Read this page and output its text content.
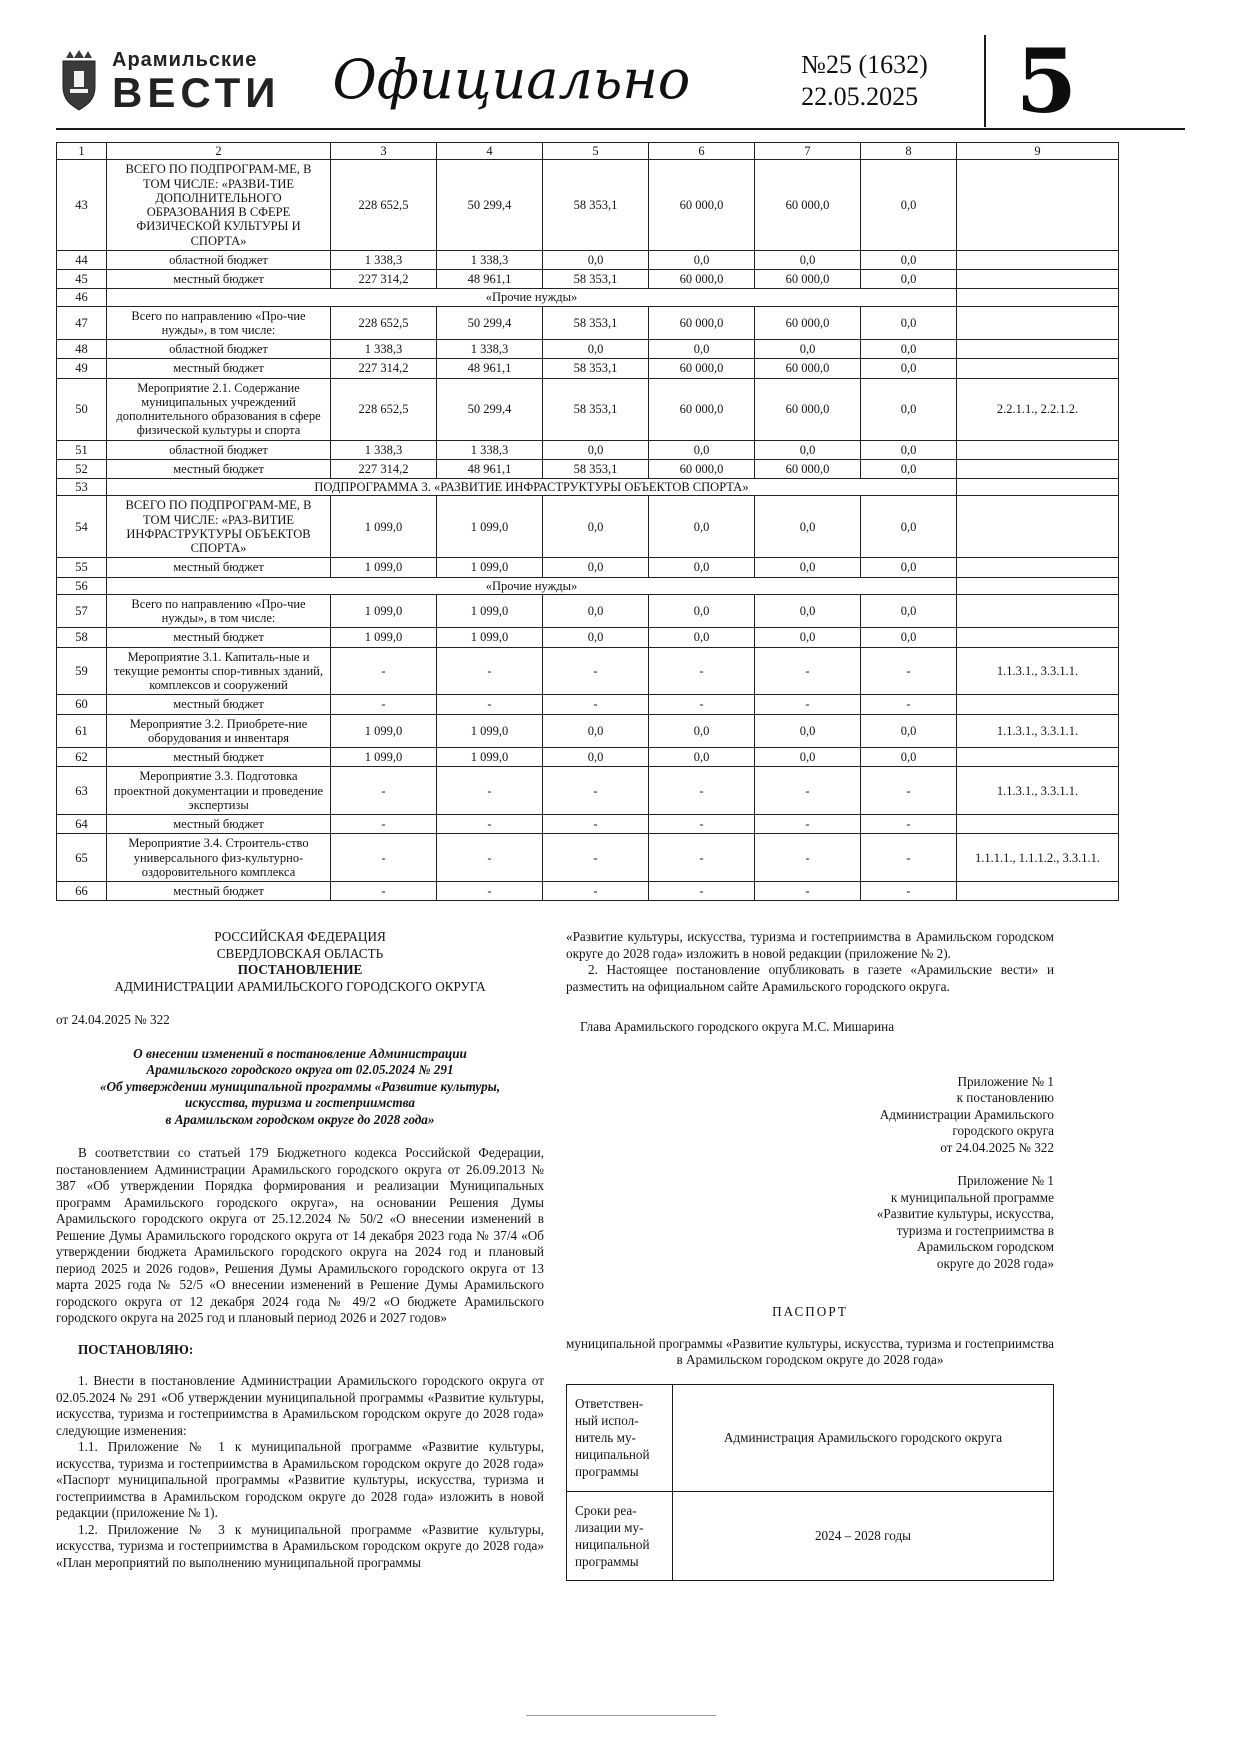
Арамильские
ВЕСТИ Официально	№25 (1632)
22.05.2025	5
1	2	3	4	5	6	7	8	9
43	ВСЕГО ПО ПОДПРОГРАМ-МЕ, В ТОМ ЧИСЛЕ: «РАЗВИ-ТИЕ ДОПОЛНИТЕЛЬНОГО ОБРАЗОВАНИЯ В СФЕРЕ ФИЗИЧЕСКОЙ КУЛЬТУРЫ И СПОРТА»	228 652,5	50 299,4	58 353,1	60 000,0	60 000,0	0,0	
44	областной бюджет	1 338,3	1 338,3	0,0	0,0	0,0	0,0	
45	местный бюджет	227 314,2	48 961,1	58 353,1	60 000,0	60 000,0	0,0	
46	«Прочие нужды»							
47	Всего по направлению «Про-чие нужды», в том числе:	228 652,5	50 299,4	58 353,1	60 000,0	60 000,0	0,0	
48	областной бюджет	1 338,3	1 338,3	0,0	0,0	0,0	0,0	
49	местный бюджет	227 314,2	48 961,1	58 353,1	60 000,0	60 000,0	0,0	
50	Мероприятие 2.1. Содержание муниципальных учреждений дополнительного образования в сфере физической культуры и спорта	228 652,5	50 299,4	58 353,1	60 000,0	60 000,0	0,0	2.2.1.1., 2.2.1.2.
51	областной бюджет	1 338,3	1 338,3	0,0	0,0	0,0	0,0	
52	местный бюджет	227 314,2	48 961,1	58 353,1	60 000,0	60 000,0	0,0	
53	ПОДПРОГРАММА 3. «РАЗВИТИЕ ИНФРАСТРУКТУРЫ ОБЪЕКТОВ СПОРТА»							
54	ВСЕГО ПО ПОДПРОГРАМ-МЕ, В ТОМ ЧИСЛЕ: «РАЗ-ВИТИЕ ИНФРАСТРУКТУРЫ ОБЪЕКТОВ СПОРТА»	1 099,0	1 099,0	0,0	0,0	0,0	0,0	
55	местный бюджет	1 099,0	1 099,0	0,0	0,0	0,0	0,0	
56	«Прочие нужды»							
57	Всего по направлению «Про-чие нужды», в том числе:	1 099,0	1 099,0	0,0	0,0	0,0	0,0	
58	местный бюджет	1 099,0	1 099,0	0,0	0,0	0,0	0,0	
59	Мероприятие 3.1. Капиталь-ные и текущие ремонты спор-тивных зданий, комплексов и сооружений	-	-	-	-	-	-	1.1.3.1., 3.3.1.1.
60	местный бюджет	-	-	-	-	-	-	
61	Мероприятие 3.2. Приобрете-ние оборудования и инвентаря	1 099,0	1 099,0	0,0	0,0	0,0	0,0	1.1.3.1., 3.3.1.1.
62	местный бюджет	1 099,0	1 099,0	0,0	0,0	0,0	0,0	
63	Мероприятие 3.3. Подготовка проектной документации и проведение экспертизы	-	-	-	-	-	-	1.1.3.1., 3.3.1.1.
64	местный бюджет	-	-	-	-	-	-	
65	Мероприятие 3.4. Строитель-ство универсального физ-культурно-оздоровительного комплекса	-	-	-	-	-	-	1.1.1.1., 1.1.1.2., 3.3.1.1.
66	местный бюджет	-	-	-	-	-	-	
РОССИЙСКАЯ ФЕДЕРАЦИЯ
СВЕРДЛОВСКАЯ ОБЛАСТЬ
ПОСТАНОВЛЕНИЕ
АДМИНИСТРАЦИИ АРАМИЛЬСКОГО ГОРОДСКОГО ОКРУГА

от 24.04.2025 № 322

О внесении изменений в постановление Администрации
Арамильского городского округа от 02.05.2024 № 291
«Об утверждении муниципальной программы «Развитие культуры,
искусства, туризма и гостеприимства
в Арамильском городском округе до 2028 года»

В соответствии со статьей 179 Бюджетного кодекса Российской Федерации, постановлением Администрации Арамильского городского округа от 26.09.2013 № 387 «Об утверждении Порядка формирования и реализации Муниципальных программ Арамильского городского округа», на основании Решения Думы Арамильского городского округа от 25.12.2024 № 50/2 «О внесении изменений в Решение Думы Арамильского городского округа от 14 декабря 2023 года № 37/4 «Об утверждении бюджета Арамильского городского округа на 2024 год и плановый период 2025 и 2026 годов», Решения Думы Арамильского городского округа от 13 марта 2025 года № 52/5 «О внесении изменений в Решение Думы Арамильского городского округа от 12 декабря 2024 года № 49/2 «О бюджете Арамильского городского округа на 2025 год и плановый период 2026 и 2027 годов»

ПОСТАНОВЛЯЮ:

1. Внести в постановление Администрации Арамильского городского округа от 02.05.2024 № 291 «Об утверждении муниципальной программы «Развитие культуры, искусства, туризма и гостеприимства в Арамильском городском округе до 2028 года» следующие изменения:

1.1. Приложение № 1 к муниципальной программе «Развитие культуры, искусства, туризма и гостеприимства в Арамильском городском округе до 2028 года» «Паспорт муниципальной программы «Развитие культуры, искусства, туризма и гостеприимства в Арамильском городском округе до 2028 года» изложить в новой редакции (приложение № 1).

1.2. Приложение № 3 к муниципальной программе «Развитие культуры, искусства, туризма и гостеприимства в Арамильском городском округе до 2028 года» «План мероприятий по выполнению муниципальной программы

«Развитие культуры, искусства, туризма и гостеприимства в Арамильском городском округе до 2028 года» изложить в новой редакции (приложение № 2).

2. Настоящее постановление опубликовать в газете «Арамильские вести» и разместить на официальном сайте Арамильского городского округа.

Глава Арамильского городского округа М.С. Мишарина

Приложение № 1
к постановлению
Администрации Арамильского
городского округа
от 24.04.2025 № 322
Приложение № 1
к муниципальной программе
«Развитие культуры, искусства,
туризма и гостеприимства в
Арамильском городском
округе до 2028 года»

ПАСПОРТ

муниципальной программы «Развитие культуры, искусства, туризма и гостеприимства в Арамильском городском округе до 2028 года»

Ответствен-ный испол-нитель му-ниципальной программы	Администрация Арамильского городского округа
Сроки реа-лизации му-ниципальной программы	2024 – 2028 годы
